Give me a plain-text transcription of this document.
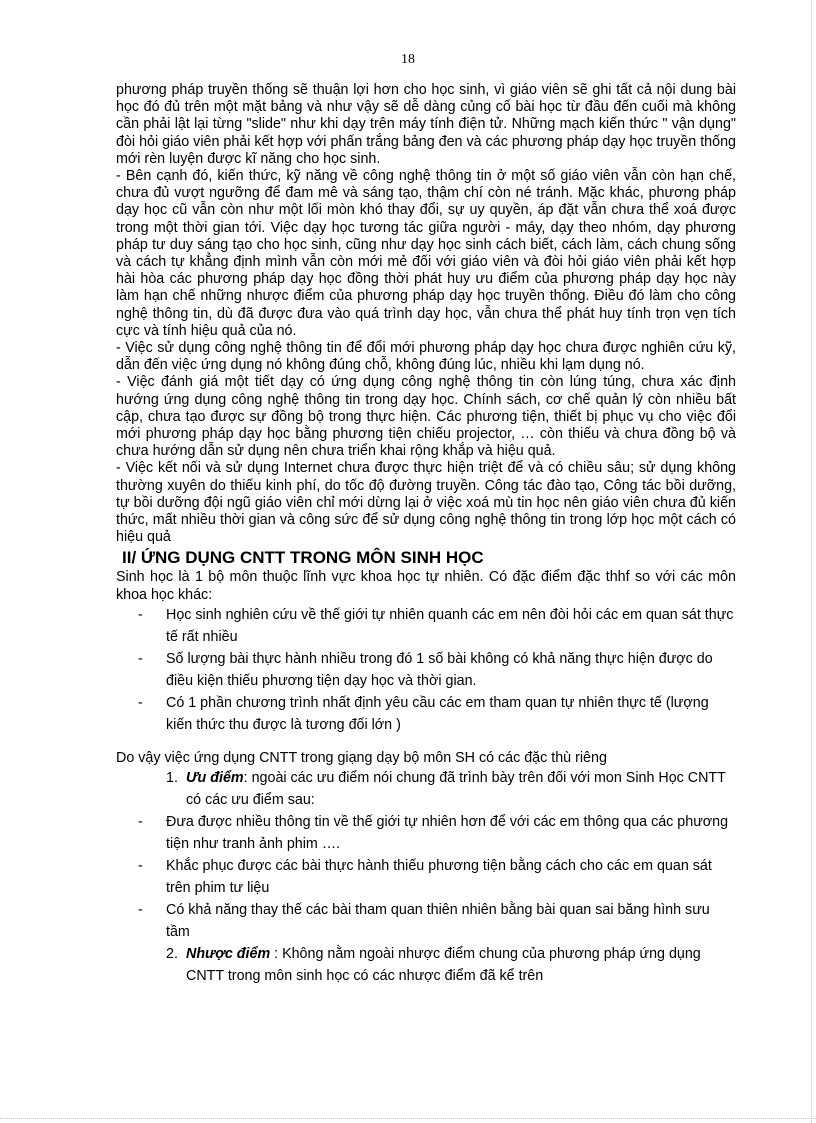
18

phương pháp truyền thống sẽ thuận lợi hơn cho học sinh, vì giáo viên sẽ ghi tất cả nội dung bài học đó đủ trên một mặt bảng và như vậy sẽ dễ dàng củng cố bài học từ đầu đến cuối mà không cần phải lật lại từng "slide" như khi dạy trên máy tính điện tử. Những mạch kiến thức " vận dụng" đòi hỏi giáo viên phải kết hợp với phấn trắng bảng đen và các phương pháp dạy học truyền thống mới rèn luyện được kĩ năng cho học sinh.

- Bên cạnh đó, kiến thức, kỹ năng về công nghệ thông tin ở một số giáo viên vẫn còn hạn chế, chưa đủ vượt ngưỡng để đam mê và sáng tạo, thậm chí còn né tránh. Mặc khác, phương pháp dạy học cũ vẫn còn như một lối mòn khó thay đổi, sự uy quyền, áp đặt vẫn chưa thể xoá được trong một thời gian tới. Việc dạy học tương tác giữa người - máy, dạy theo nhóm, dạy phương pháp tư duy sáng tạo cho học sinh, cũng như dạy học sinh cách biết, cách làm, cách chung sống và cách tự khẳng định mình vẫn còn mới mẻ đối với giáo viên và đòi hỏi giáo viên phải kết hợp hài hòa các phương pháp dạy học đồng thời phát huy ưu điểm của phương pháp dạy học này làm hạn chế những nhược điểm của phương pháp dạy học truyền thống. Điều đó làm cho công nghệ thông tin, dù đã được đưa vào quá trình dạy học, vẫn chưa thể phát huy tính trọn vẹn tích cực và tính hiệu quả của nó.

- Việc sử dụng công nghệ thông tin để đổi mới phương pháp dạy học chưa được nghiên cứu kỹ, dẫn đến việc ứng dụng nó không đúng chỗ, không đúng lúc, nhiều khi lạm dụng nó.

- Việc đánh giá một tiết dạy có ứng dụng công nghệ thông tin còn lúng túng, chưa xác định hướng ứng dụng công nghệ thông tin trong dạy học. Chính sách, cơ chế quản lý còn nhiều bất cập, chưa tạo được sự đồng bộ trong thực hiện. Các phương tiện, thiết bị phục vụ cho việc đổi mới phương pháp dạy học bằng phương tiện chiếu projector, … còn thiếu và chưa đồng bộ và chưa hướng dẫn sử dụng nên chưa triển khai rộng khắp và hiệu quả.

- Việc kết nối và sử dụng Internet chưa được thực hiện triệt để và có chiều sâu; sử dụng không thường xuyên do thiếu kinh phí, do tốc độ đường truyền. Công tác đào tạo, Công tác bồi dưỡng, tự bồi dưỡng đội ngũ giáo viên chỉ mới dừng lại ở việc xoá mù tin học nên giáo viên chưa đủ kiến thức, mất nhiều thời gian và công sức để sử dụng công nghệ thông tin trong lớp học một cách có hiệu quả

II/ ỨNG DỤNG CNTT TRONG MÔN SINH HỌC

Sinh học là 1 bộ môn thuộc lĩnh vực khoa học tự nhiên. Có đặc điểm đặc thhf so với các môn khoa học khác:

- Học sinh nghiên cứu về thế giới tự nhiên quanh các em nên đòi hỏi các em quan sát thực tế rất nhiều
- Số lượng bài thực hành nhiều trong đó 1 số bài không có khả năng thực hiện được do điều kiện thiếu phương tiện dạy học và thời gian.
- Có 1 phần chương trình nhất định yêu cầu các em tham quan tự nhiên thực tế (lượng kiến thức thu được là tương đối lớn )

Do vậy việc ứng dụng CNTT trong giạng dạy bộ môn SH có các đặc thù riêng

1. Ưu điểm: ngoài các ưu điểm nói chung đã trình bày trên đối với mon Sinh Học CNTT có các ưu điểm sau:
- Đưa được nhiều thông tin về thế giới tự nhiên hơn để với các em thông qua các phương tiện như tranh ảnh phim ….
- Khắc phục được các bài thực hành thiếu phương tiện bằng cách cho các em quan sát trên phim tư liệu
- Có khả năng thay thế các bài tham quan thiên nhiên bằng bài quan sai băng hình sưu tầm
2. Nhược điểm : Không nằm ngoài nhược điểm chung của phương pháp ứng dụng CNTT trong môn sinh học có các nhược điểm đã kể trên
